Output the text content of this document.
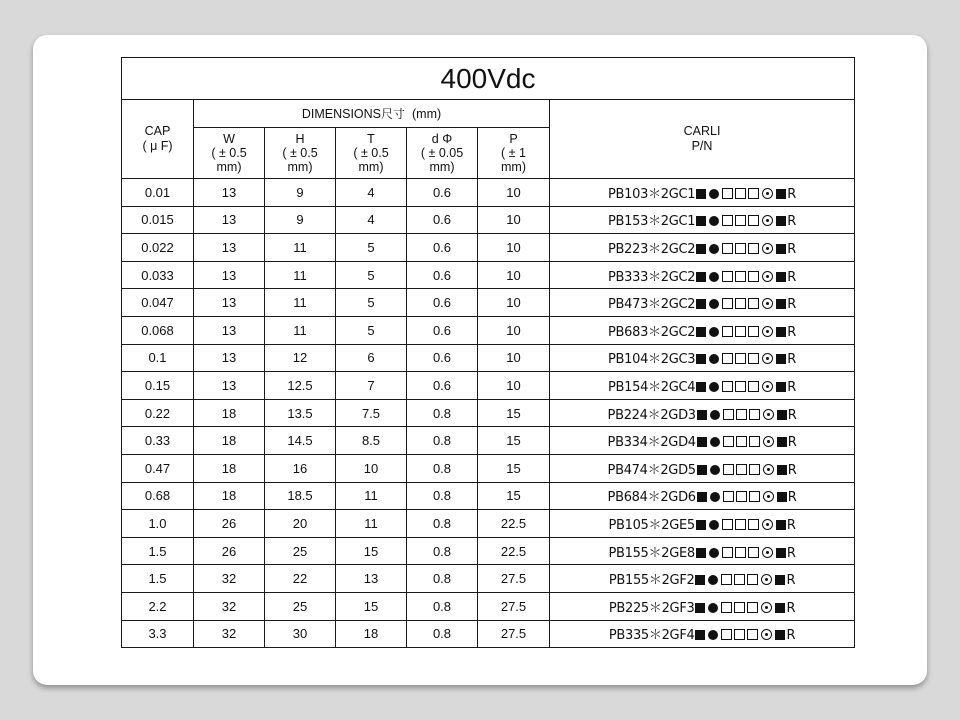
400Vdc						
CAP
( μ F)	DIMENSIONS尺寸 (mm)					CARLI
P/N
	W
( ± 0.5
mm)	H
( ± 0.5
mm)	T
( ± 0.5
mm)	d Φ
( ± 0.05
mm)	P
( ± 1
mm)	
0.01	13	9	4	0.6	10	PB103＊2GC1 R
0.015	13	9	4	0.6	10	PB153＊2GC1 R
0.022	13	11	5	0.6	10	PB223＊2GC2 R
0.033	13	11	5	0.6	10	PB333＊2GC2 R
0.047	13	11	5	0.6	10	PB473＊2GC2 R
0.068	13	11	5	0.6	10	PB683＊2GC2 R
0.1	13	12	6	0.6	10	PB104＊2GC3 R
0.15	13	12.5	7	0.6	10	PB154＊2GC4 R
0.22	18	13.5	7.5	0.8	15	PB224＊2GD3 R
0.33	18	14.5	8.5	0.8	15	PB334＊2GD4 R
0.47	18	16	10	0.8	15	PB474＊2GD5 R
0.68	18	18.5	11	0.8	15	PB684＊2GD6 R
1.0	26	20	11	0.8	22.5	PB105＊2GE5 R
1.5	26	25	15	0.8	22.5	PB155＊2GE8 R
1.5	32	22	13	0.8	27.5	PB155＊2GF2 R
2.2	32	25	15	0.8	27.5	PB225＊2GF3 R
3.3	32	30	18	0.8	27.5	PB335＊2GF4 R
